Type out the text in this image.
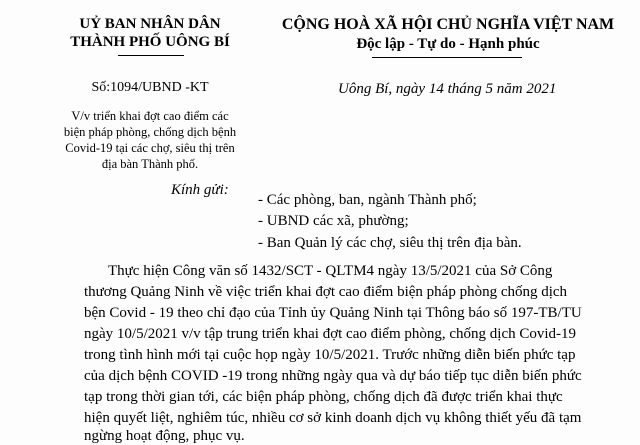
UỶ BAN NHÂN DÂN
THÀNH PHỐ UÔNG BÍ
CỘNG HOÀ XÃ HỘI CHỦ NGHĨA VIỆT NAM
Độc lập - Tự do - Hạnh phúc
Số:1094/UBND -KT	Uông Bí, ngày 14 tháng 5 năm 2021
V/v triển khai đợt cao điểm các
biện pháp phòng, chống dịch bệnh
Covid-19 tại các chợ, siêu thị trên
địa bàn Thành phố.
Kính gửi:
- Các phòng, ban, ngành Thành phố;
- UBND các xã, phường;
- Ban Quản lý các chợ, siêu thị trên địa bàn.
Thực hiện Công văn số 1432/SCT - QLTM4 ngày 13/5/2021 của Sở Công
thương Quảng Ninh về việc triển khai đợt cao điểm biện pháp phòng chống dịch
bện Covid - 19 theo chỉ đạo của Tỉnh ủy Quảng Ninh tại Thông báo số 197-TB/TU
ngày 10/5/2021 v/v tập trung triển khai đợt cao điểm phòng, chống dịch Covid-19
trong tình hình mới tại cuộc họp ngày 10/5/2021. Trước những diễn biến phức tạp
của dịch bệnh COVID -19 trong những ngày qua và dự báo tiếp tục diễn biến phức
tạp trong thời gian tới, các biện pháp phòng, chống dịch đã được triển khai thực
hiện quyết liệt, nghiêm túc, nhiều cơ sở kinh doanh dịch vụ không thiết yếu đã tạm
ngừng hoạt động, phục vụ.
